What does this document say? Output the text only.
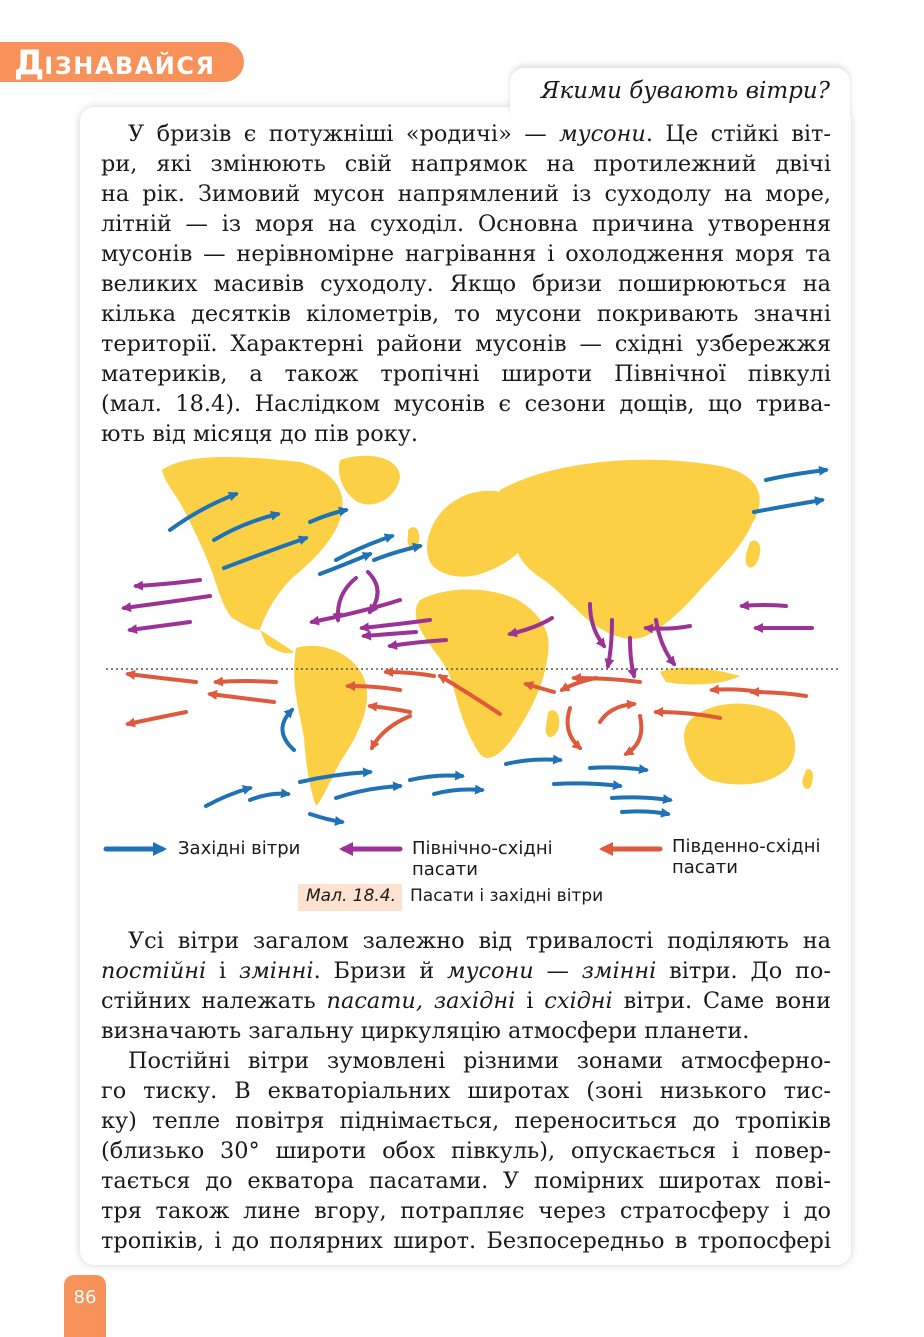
ДІЗНАВАЙСЯ
Якими бувають вітри?
У бризів є потужніші «родичі» — мусони. Це стійкі віт-
ри, які змінюють свій напрямок на протилежний двічі
на рік. Зимовий мусон напрямлений із суходолу на море,
літній — із моря на суходіл. Основна причина утворення
мусонів — нерівномірне нагрівання і охолодження моря та
великих масивів суходолу. Якщо бризи поширюються на
кілька десятків кілометрів, то мусони покривають значні
території. Характерні райони мусонів — східні узбережжя
материків, а також тропічні широти Північної півкулі
(мал. 18.4). Наслідком мусонів є сезони дощів, що трива-
ють від місяця до пів року.
Західні вітри	Північно-східні
пасати
Південно-східні
пасати
Мал. 18.4. Пасати і західні вітри
Усі вітри загалом залежно від тривалості поділяють на
постійні і змінні. Бризи й мусони — змінні вітри. До по-
стійних належать пасати, західні і східні вітри. Саме вони
визначають загальну циркуляцію атмосфери планети.
Постійні вітри зумовлені різними зонами атмосферно-
го тиску. В екваторіальних широтах (зоні низького тис-
ку) тепле повітря піднімається, переноситься до тропіків
(близько 30° широти обох півкуль), опускається і повер-
тається до екватора пасатами. У помірних широтах пові-
тря також лине вгору, потрапляє через стратосферу і до
тропіків, і до полярних широт. Безпосередньо в тропосфері
86
